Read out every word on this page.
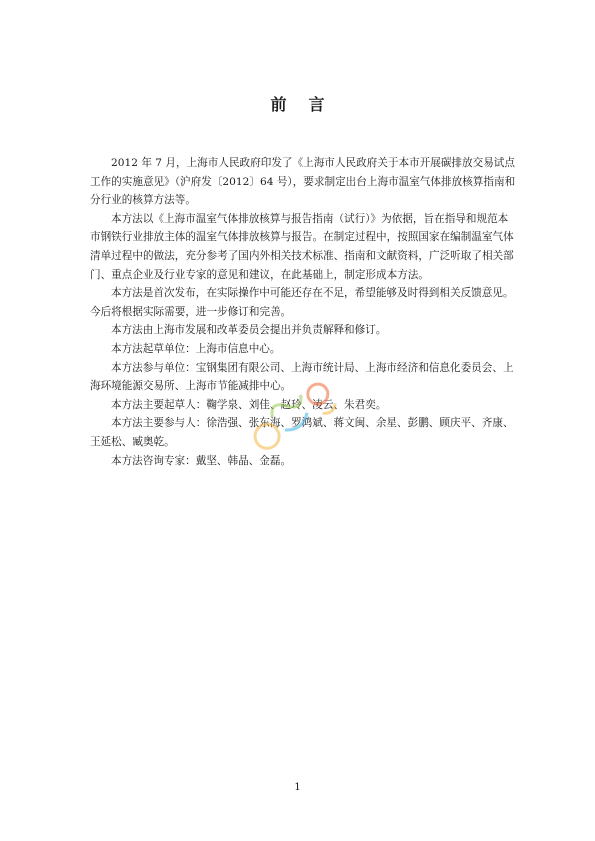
前言

2012 年 7 月，上海市人民政府印发了《上海市人民政府关于本市开展碳排放交易试点
工作的实施意见》（沪府发〔2012〕64 号），要求制定出台上海市温室气体排放核算指南和
分行业的核算方法等。

本方法以《上海市温室气体排放核算与报告指南（试行）》为依据，旨在指导和规范本
市钢铁行业排放主体的温室气体排放核算与报告。在制定过程中，按照国家在编制温室气体
清单过程中的做法，充分参考了国内外相关技术标准、指南和文献资料，广泛听取了相关部
门、重点企业及行业专家的意见和建议，在此基础上，制定形成本方法。

本方法是首次发布，在实际操作中可能还存在不足，希望能够及时得到相关反馈意见。
今后将根据实际需要，进一步修订和完善。

本方法由上海市发展和改革委员会提出并负责解释和修订。

本方法起草单位：上海市信息中心。

本方法参与单位：宝钢集团有限公司、上海市统计局、上海市经济和信息化委员会、上
海环境能源交易所、上海市节能减排中心。

本方法主要起草人：鞠学泉、刘佳、赵玲、凌云、朱君奕。

本方法主要参与人：徐浩强、张东海、罗鸿斌、蒋文闽、余星、彭鹏、顾庆平、齐康、
王延松、臧奥乾。

本方法咨询专家：戴坚、韩晶、金磊。

1
